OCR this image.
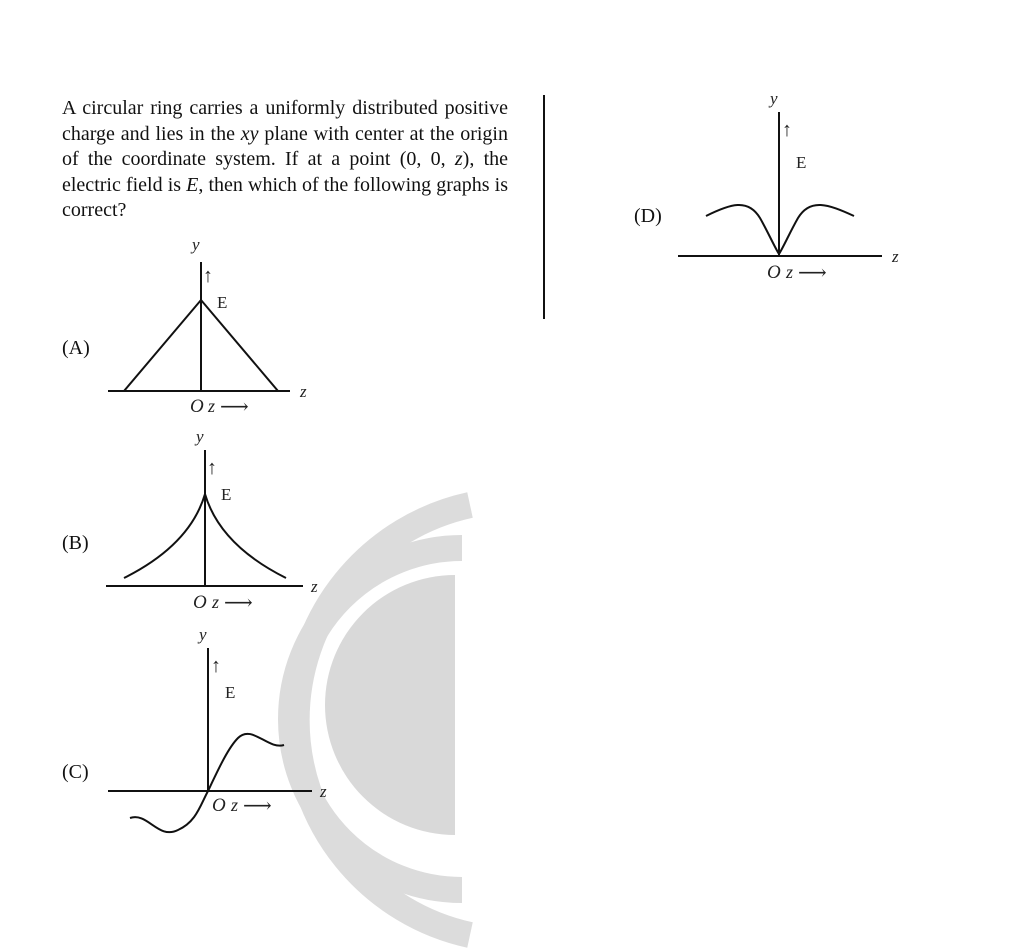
A circular ring carries a uniformly distributed positive charge and lies in the xy plane with center at the origin of the coordinate system. If at a point (0, 0, z), the electric field is E, then which of the following graphs is correct?

(A)
(B)
(C)
(D)
y
↑
E
z
O z ⟶
y
↑
E
z
O z ⟶
y
↑
E
z
O z ⟶
y
↑
E
z
O z ⟶
